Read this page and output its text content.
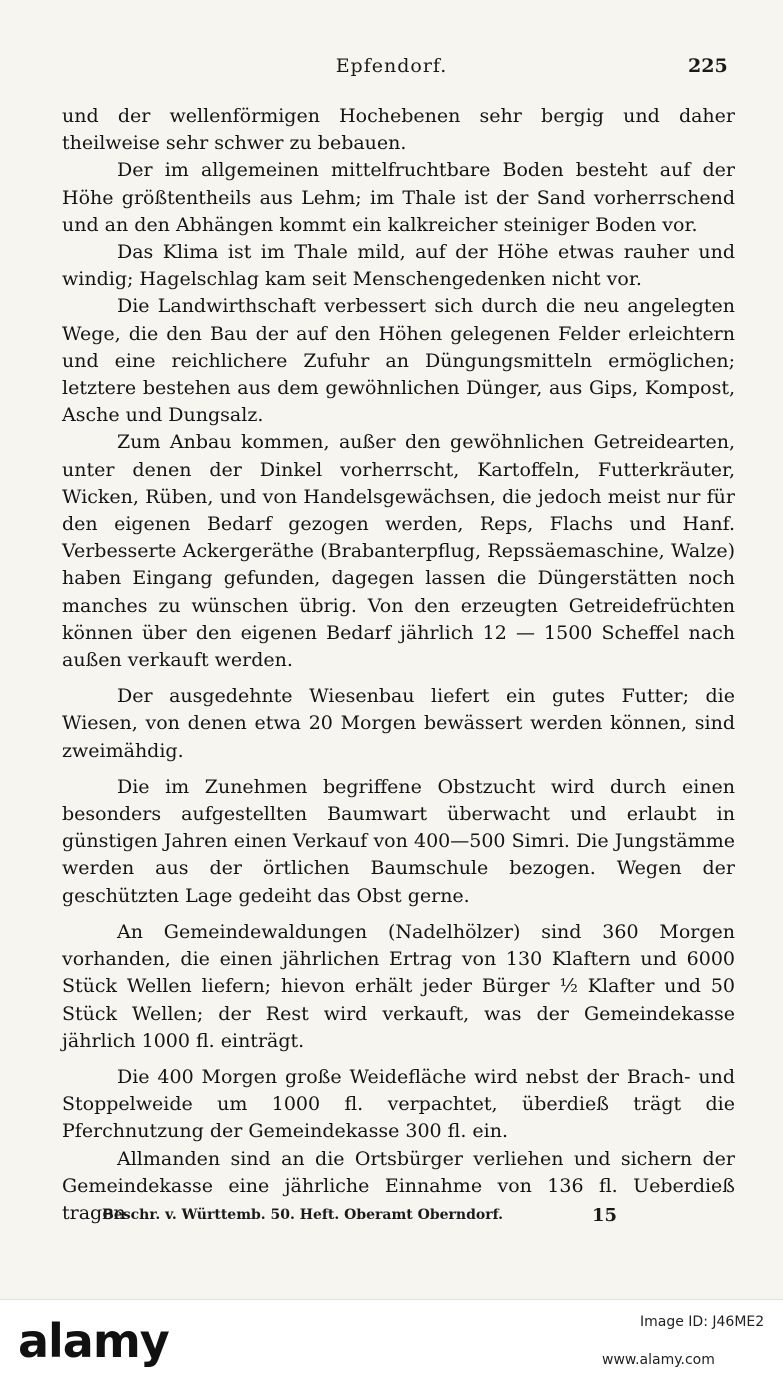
Epfendorf.	225

und der wellenförmigen Hochebenen sehr bergig und daher theilweise sehr schwer zu bebauen.

Der im allgemeinen mittelfruchtbare Boden besteht auf der Höhe größtentheils aus Lehm; im Thale ist der Sand vorherrschend und an den Abhängen kommt ein kalkreicher steiniger Boden vor.

Das Klima ist im Thale mild, auf der Höhe etwas rauher und windig; Hagelschlag kam seit Menschengedenken nicht vor.

Die Landwirthschaft verbessert sich durch die neu angelegten Wege, die den Bau der auf den Höhen gelegenen Felder erleichtern und eine reichlichere Zufuhr an Düngungsmitteln ermöglichen; letztere bestehen aus dem gewöhnlichen Dünger, aus Gips, Kompost, Asche und Dungsalz.

Zum Anbau kommen, außer den gewöhnlichen Getreidearten, unter denen der Dinkel vorherrscht, Kartoffeln, Futterkräuter, Wicken, Rüben, und von Handelsgewächsen, die jedoch meist nur für den eigenen Bedarf gezogen werden, Reps, Flachs und Hanf. Verbesserte Ackergeräthe (Brabanterpflug, Repssäemaschine, Walze) haben Eingang gefunden, dagegen lassen die Düngerstätten noch manches zu wünschen übrig. Von den erzeugten Getreidefrüchten können über den eigenen Bedarf jährlich 12 — 1500 Scheffel nach außen verkauft werden.

Der ausgedehnte Wiesenbau liefert ein gutes Futter; die Wiesen, von denen etwa 20 Morgen bewässert werden können, sind zweimähdig.

Die im Zunehmen begriffene Obstzucht wird durch einen besonders aufgestellten Baumwart überwacht und erlaubt in günstigen Jahren einen Verkauf von 400—500 Simri. Die Jungstämme werden aus der örtlichen Baumschule bezogen. Wegen der geschützten Lage gedeiht das Obst gerne.

An Gemeindewaldungen (Nadelhölzer) sind 360 Morgen vorhanden, die einen jährlichen Ertrag von 130 Klaftern und 6000 Stück Wellen liefern; hievon erhält jeder Bürger ½ Klafter und 50 Stück Wellen; der Rest wird verkauft, was der Gemeindekasse jährlich 1000 fl. einträgt.

Die 400 Morgen große Weidefläche wird nebst der Brach- und Stoppelweide um 1000 fl. verpachtet, überdieß trägt die Pferchnutzung der Gemeindekasse 300 fl. ein.

Allmanden sind an die Ortsbürger verliehen und sichern der Gemeindekasse eine jährliche Einnahme von 136 fl. Ueberdieß tragen

Beschr. v. Württemb. 50. Heft. Oberamt Oberndorf.	15
alamy	Image ID: J46ME2
www.alamy.com
